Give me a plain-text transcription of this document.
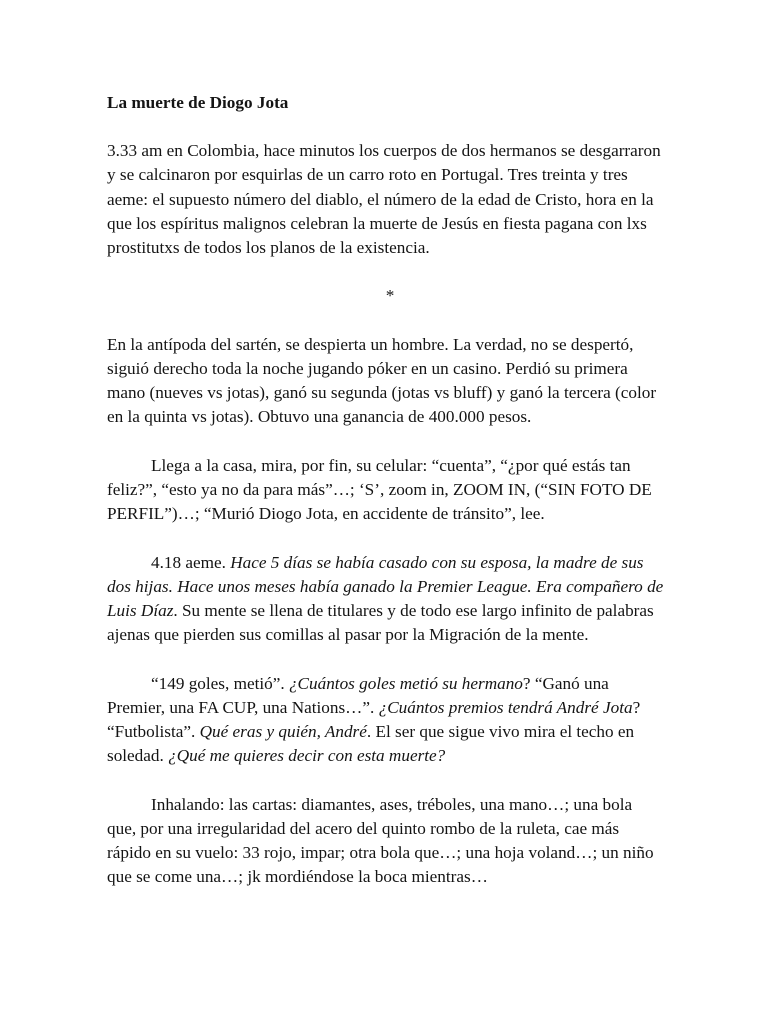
La muerte de Diogo Jota

3.33 am en Colombia, hace minutos los cuerpos de dos hermanos se desgarraron y se calcinaron por esquirlas de un carro roto en Portugal. Tres treinta y tres aeme: el supuesto número del diablo, el número de la edad de Cristo, hora en la que los espíritus malignos celebran la muerte de Jesús en fiesta pagana con lxs prostitutxs de todos los planos de la existencia.

*

En la antípoda del sartén, se despierta un hombre. La verdad, no se despertó, siguió derecho toda la noche jugando póker en un casino. Perdió su primera mano (nueves vs jotas), ganó su segunda (jotas vs bluff) y ganó la tercera (color en la quinta vs jotas). Obtuvo una ganancia de 400.000 pesos.

Llega a la casa, mira, por fin, su celular: “cuenta”, “¿por qué estás tan feliz?”, “esto ya no da para más”…; ‘S’, zoom in, ZOOM IN, (“SIN FOTO DE PERFIL”)…; “Murió Diogo Jota, en accidente de tránsito”, lee.

4.18 aeme. Hace 5 días se había casado con su esposa, la madre de sus dos hijas. Hace unos meses había ganado la Premier League. Era compañero de Luis Díaz. Su mente se llena de titulares y de todo ese largo infinito de palabras ajenas que pierden sus comillas al pasar por la Migración de la mente.

“149 goles, metió”. ¿Cuántos goles metió su hermano? “Ganó una Premier, una FA CUP, una Nations…”. ¿Cuántos premios tendrá André Jota? “Futbolista”. Qué eras y quién, André. El ser que sigue vivo mira el techo en soledad. ¿Qué me quieres decir con esta muerte?

Inhalando: las cartas: diamantes, ases, tréboles, una mano…; una bola que, por una irregularidad del acero del quinto rombo de la ruleta, cae más rápido en su vuelo: 33 rojo, impar; otra bola que…; una hoja voland…; un niño que se come una…; jk mordiéndose la boca mientras…
